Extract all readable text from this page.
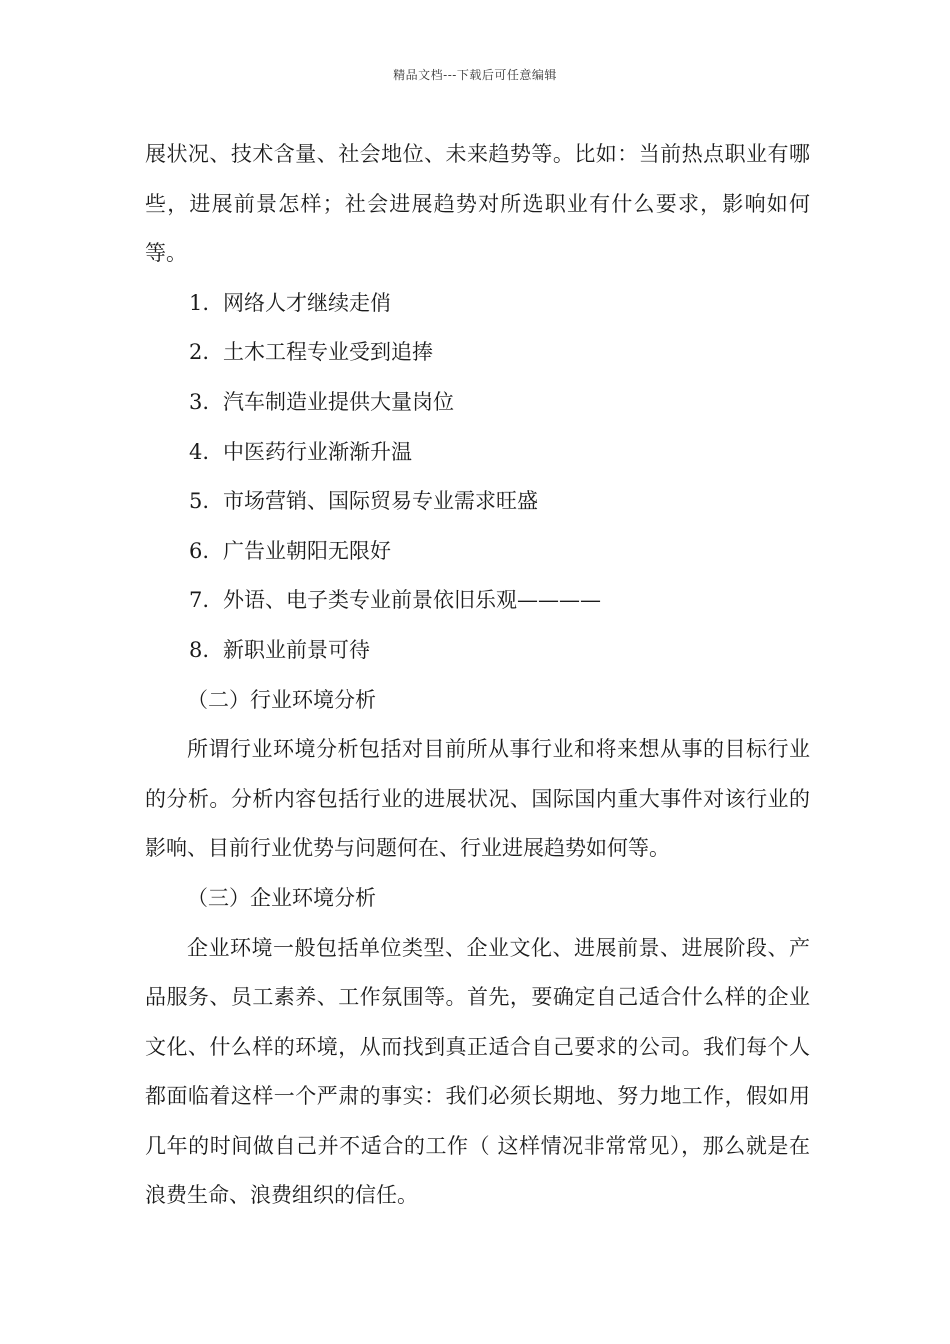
精品文档---下载后可任意编辑

展状况、技术含量、社会地位、未来趋势等。比如：当前热点职业有哪些，进展前景怎样；社会进展趋势对所选职业有什么要求，影响如何等。

1. 网络人才继续走俏

2. 土木工程专业受到追捧

3. 汽车制造业提供大量岗位

4. 中医药行业渐渐升温

5. 市场营销、国际贸易专业需求旺盛

6. 广告业朝阳无限好

7. 外语、电子类专业前景依旧乐观————

8. 新职业前景可待

（二）行业环境分析

所谓行业环境分析包括对目前所从事行业和将来想从事的目标行业的分析。分析内容包括行业的进展状况、国际国内重大事件对该行业的影响、目前行业优势与问题何在、行业进展趋势如何等。

（三）企业环境分析

企业环境一般包括单位类型、企业文化、进展前景、进展阶段、产品服务、员工素养、工作氛围等。首先，要确定自己适合什么样的企业文化、什么样的环境，从而找到真正适合自己要求的公司。我们每个人都面临着这样一个严肃的事实：我们必须长期地、努力地工作，假如用几年的时间做自己并不适合的工作（ 这样情况非常常见），那么就是在浪费生命、浪费组织的信任。
